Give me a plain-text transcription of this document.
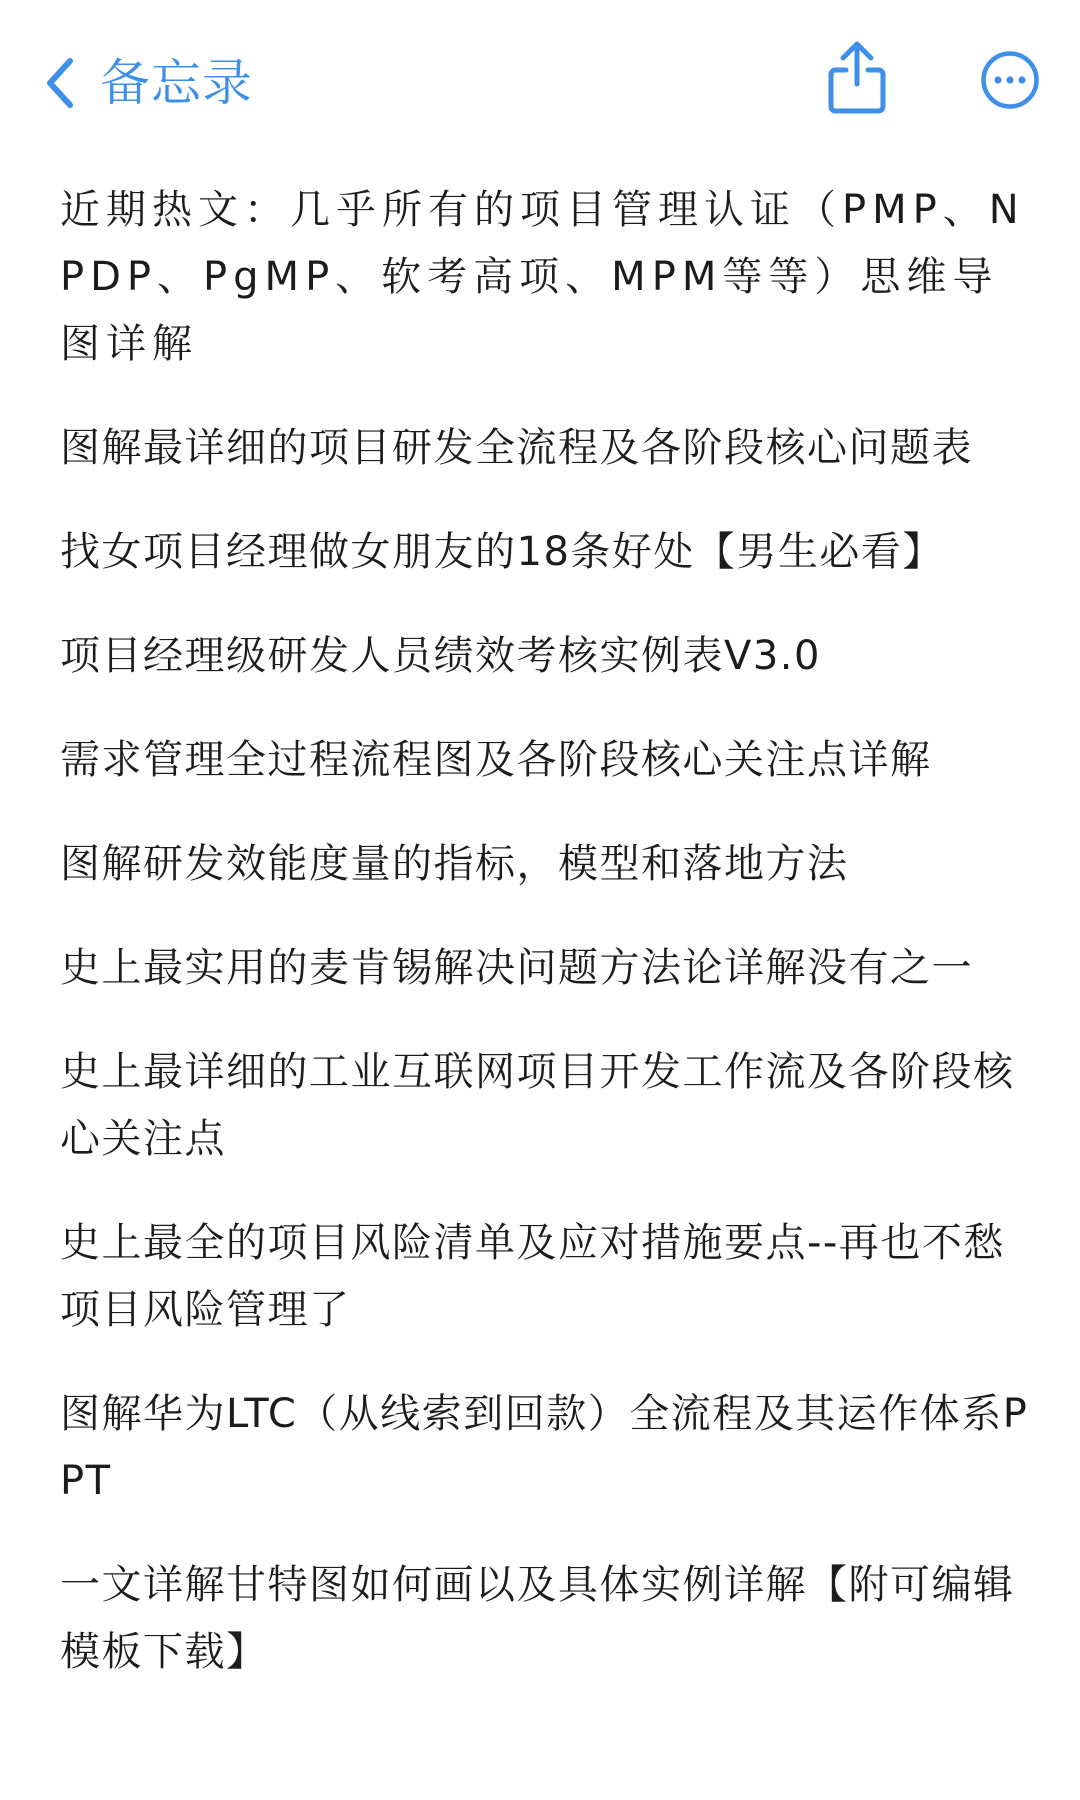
备忘录

近期热文：几乎所有的项目管理认证（PMP、NPDP、PgMP、软考高项、MPM等等）思维导图详解

图解最详细的项目研发全流程及各阶段核心问题表

找女项目经理做女朋友的18条好处【男生必看】

项目经理级研发人员绩效考核实例表V3.0

需求管理全过程流程图及各阶段核心关注点详解

图解研发效能度量的指标，模型和落地方法

史上最实用的麦肯锡解决问题方法论详解没有之一

史上最详细的工业互联网项目开发工作流及各阶段核心关注点

史上最全的项目风险清单及应对措施要点--再也不愁项目风险管理了

图解华为LTC（从线索到回款）全流程及其运作体系PPT

一文详解甘特图如何画以及具体实例详解【附可编辑模板下载】
